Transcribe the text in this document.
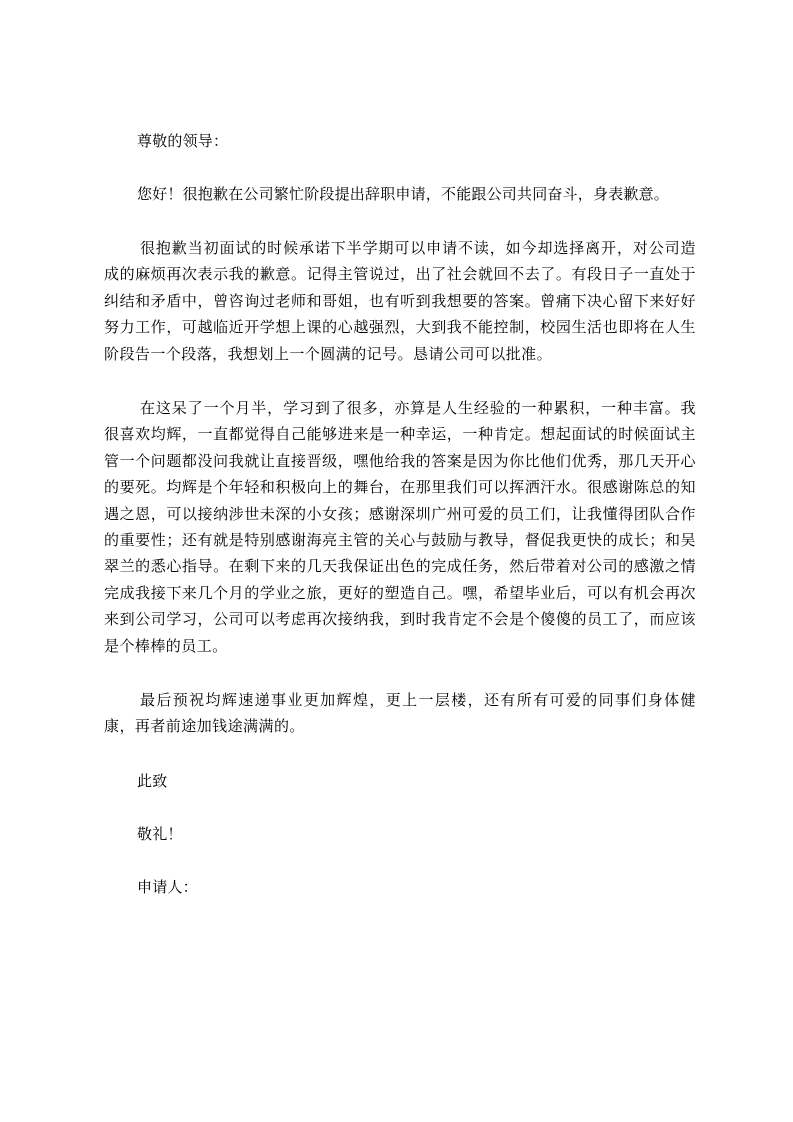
尊敬的领导：
您好！很抱歉在公司繁忙阶段提出辞职申请，不能跟公司共同奋斗，身表歉意。

很抱歉当初面试的时候承诺下半学期可以申请不读，如今却选择离开，对公司造成的麻烦再次表示我的歉意。记得主管说过，出了社会就回不去了。有段日子一直处于纠结和矛盾中，曾咨询过老师和哥姐，也有听到我想要的答案。曾痛下决心留下来好好努力工作，可越临近开学想上课的心越强烈，大到我不能控制，校园生活也即将在人生阶段告一个段落，我想划上一个圆满的记号。恳请公司可以批准。

在这呆了一个月半，学习到了很多，亦算是人生经验的一种累积，一种丰富。我很喜欢均辉，一直都觉得自己能够进来是一种幸运，一种肯定。想起面试的时候面试主管一个问题都没问我就让直接晋级，嘿他给我的答案是因为你比他们优秀，那几天开心的要死。均辉是个年轻和积极向上的舞台，在那里我们可以挥洒汗水。很感谢陈总的知遇之恩，可以接纳涉世未深的小女孩；感谢深圳广州可爱的员工们，让我懂得团队合作的重要性；还有就是特别感谢海亮主管的关心与鼓励与教导，督促我更快的成长；和吴翠兰的悉心指导。在剩下来的几天我保证出色的完成任务，然后带着对公司的感激之情完成我接下来几个月的学业之旅，更好的塑造自己。嘿，希望毕业后，可以有机会再次来到公司学习，公司可以考虑再次接纳我，到时我肯定不会是个傻傻的员工了，而应该是个棒棒的员工。

最后预祝均辉速递事业更加辉煌，更上一层楼，还有所有可爱的同事们身体健康，再者前途加钱途满满的。

此致
敬礼！
申请人：
